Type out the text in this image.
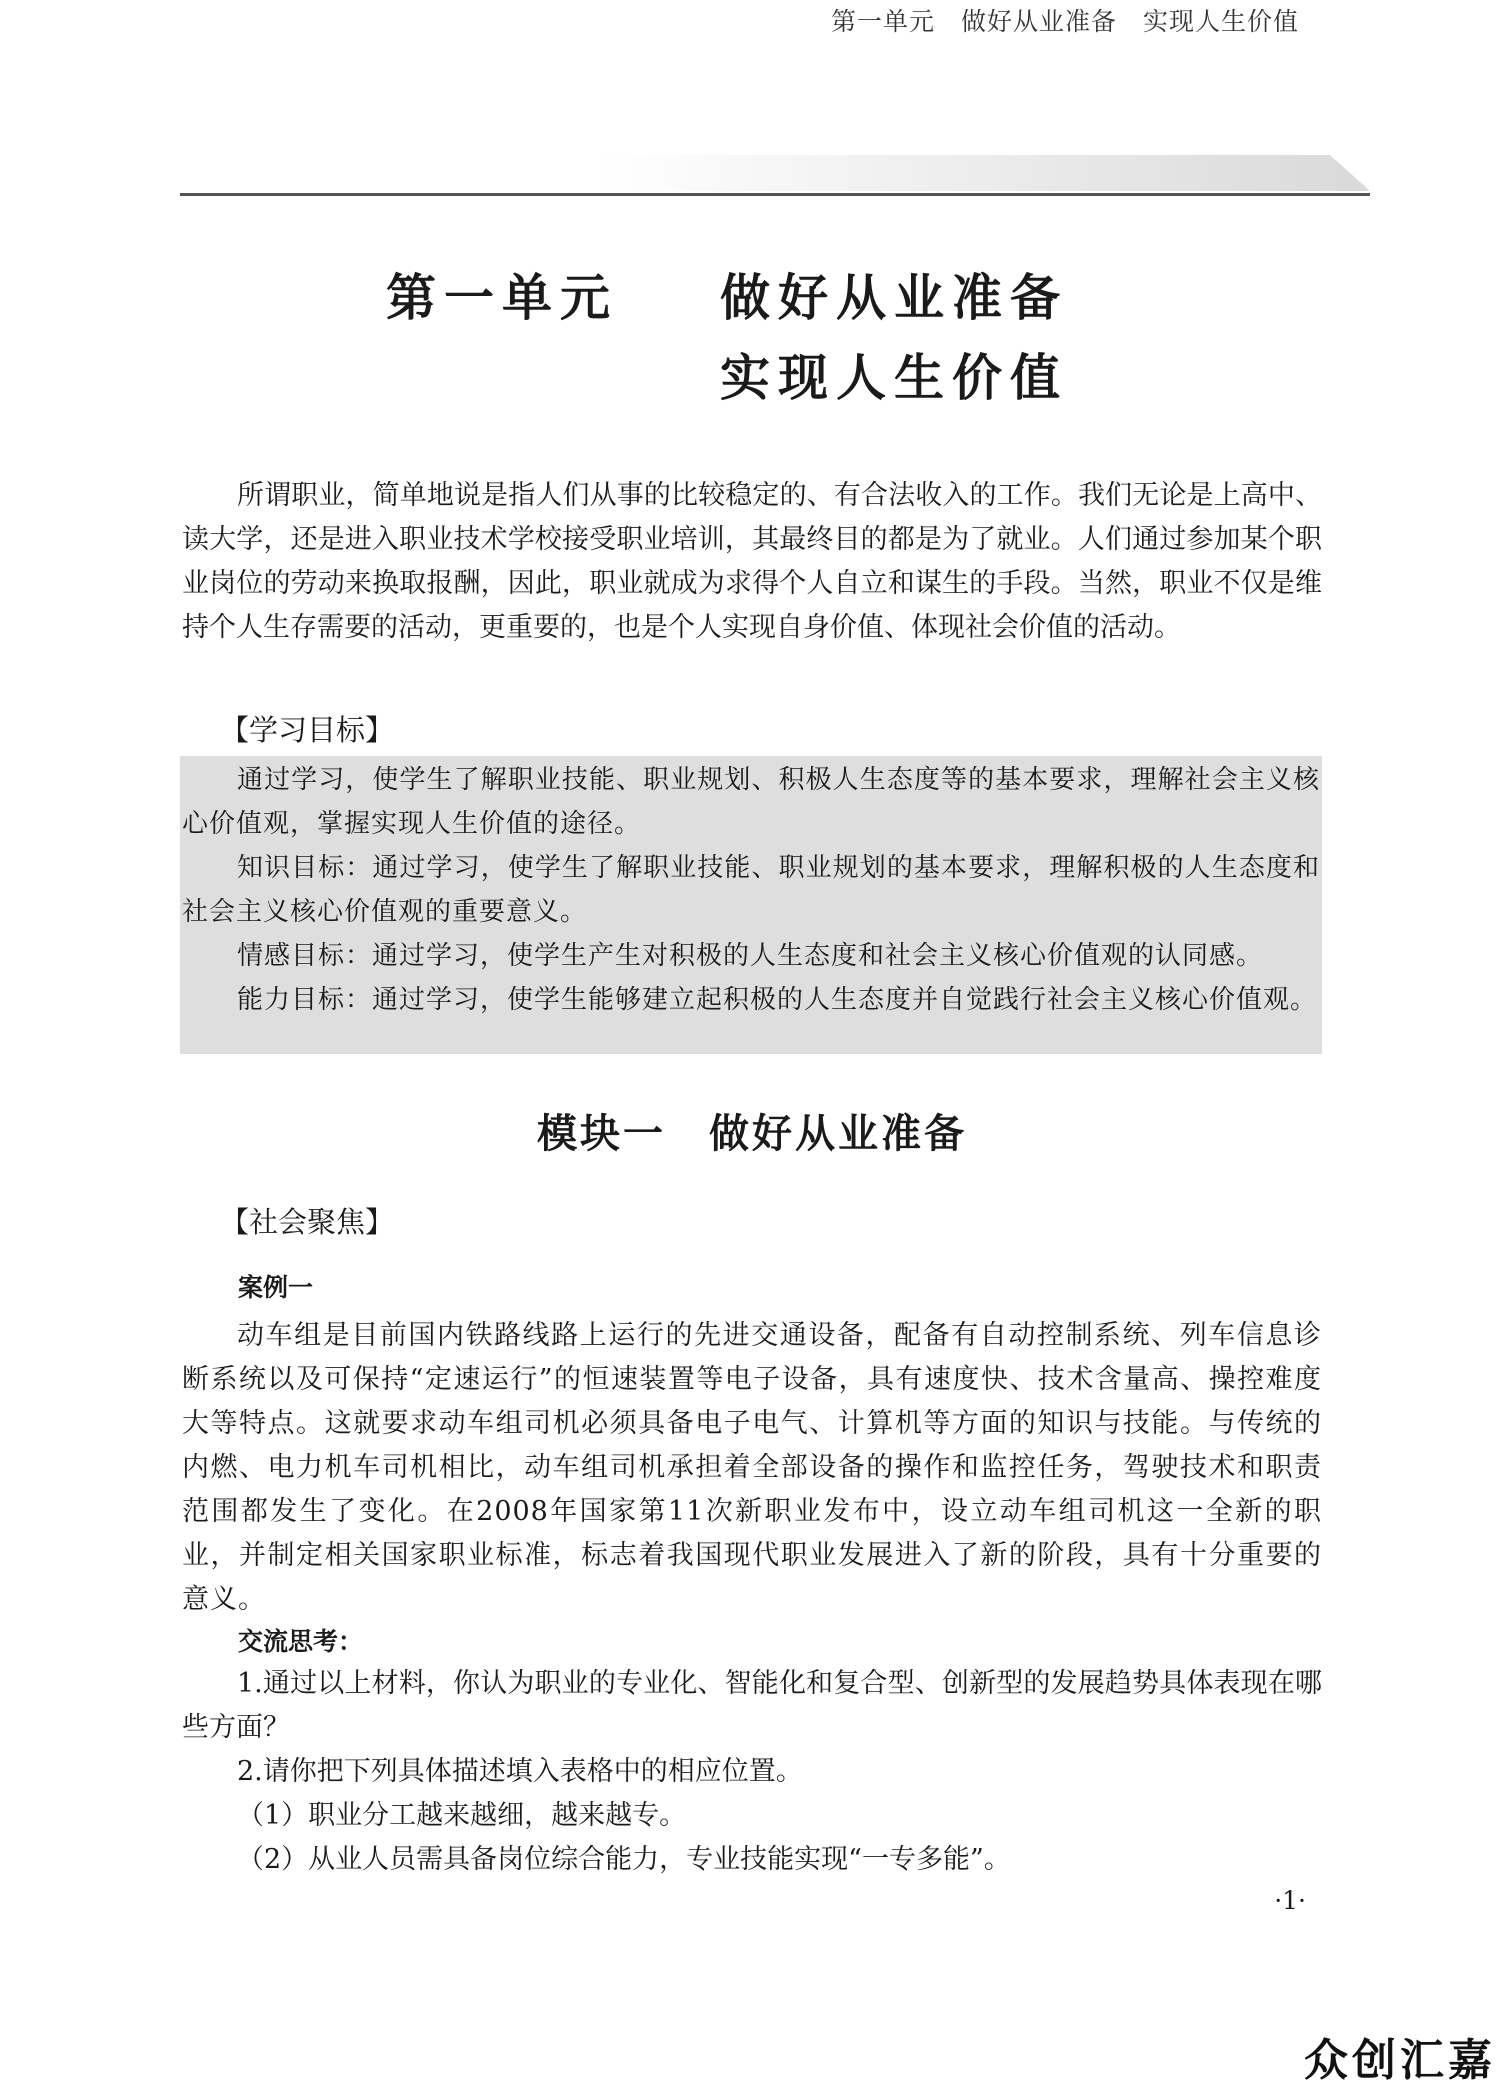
第一单元　做好从业准备　实现人生价值
第一单元 做好从业准备
实现人生价值

所谓职业，简单地说是指人们从事的比较稳定的、有合法收入的工作。我们无论是上高中、读大学，还是进入职业技术学校接受职业培训，其最终目的都是为了就业。人们通过参加某个职业岗位的劳动来换取报酬，因此，职业就成为求得个人自立和谋生的手段。当然，职业不仅是维持个人生存需要的活动，更重要的，也是个人实现自身价值、体现社会价值的活动。

【学习目标】

通过学习，使学生了解职业技能、职业规划、积极人生态度等的基本要求，理解社会主义核心价值观，掌握实现人生价值的途径。

知识目标：通过学习，使学生了解职业技能、职业规划的基本要求，理解积极的人生态度和社会主义核心价值观的重要意义。

情感目标：通过学习，使学生产生对积极的人生态度和社会主义核心价值观的认同感。

能力目标：通过学习，使学生能够建立起积极的人生态度并自觉践行社会主义核心价值观。

模块一　做好从业准备
【社会聚焦】
案例一

动车组是目前国内铁路线路上运行的先进交通设备，配备有自动控制系统、列车信息诊断系统以及可保持“定速运行”的恒速装置等电子设备，具有速度快、技术含量高、操控难度大等特点。这就要求动车组司机必须具备电子电气、计算机等方面的知识与技能。与传统的内燃、电力机车司机相比，动车组司机承担着全部设备的操作和监控任务，驾驶技术和职责范围都发生了变化。在2008年国家第11次新职业发布中，设立动车组司机这一全新的职业，并制定相关国家职业标准，标志着我国现代职业发展进入了新的阶段，具有十分重要的意义。

交流思考：

1.通过以上材料，你认为职业的专业化、智能化和复合型、创新型的发展趋势具体表现在哪些方面？

2.请你把下列具体描述填入表格中的相应位置。

（1）职业分工越来越细，越来越专。

（2）从业人员需具备岗位综合能力，专业技能实现“一专多能”。

·1·
众创汇嘉
